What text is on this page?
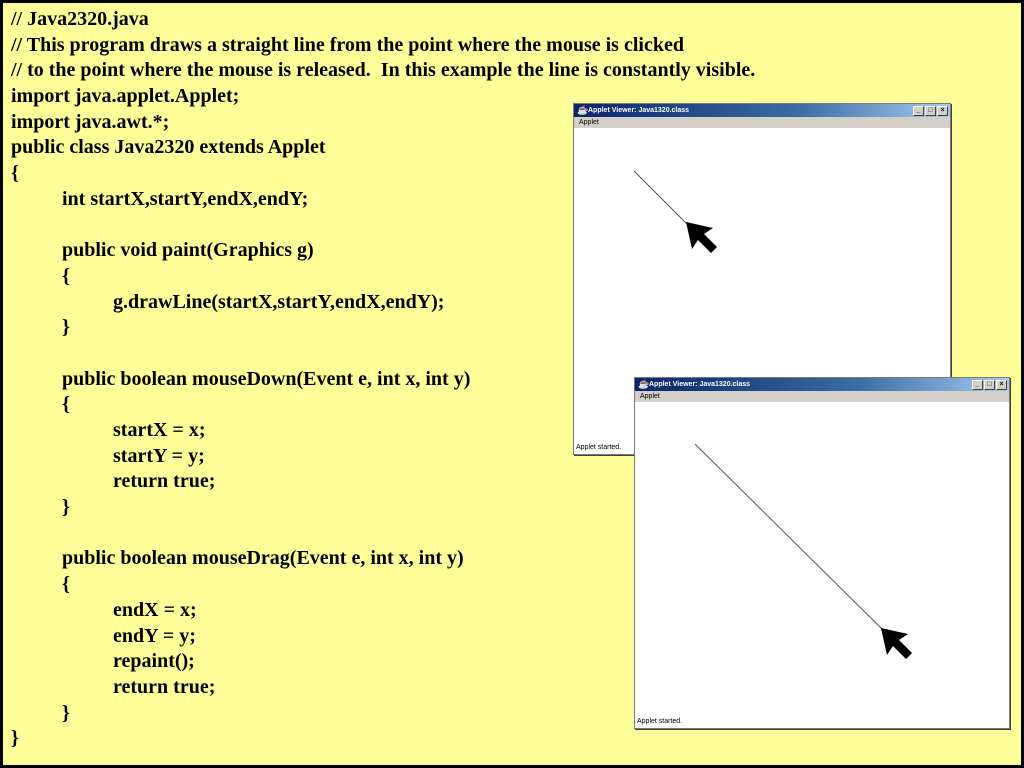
// Java2320.java
// This program draws a straight line from the point where the mouse is clicked
// to the point where the mouse is released.  In this example the line is constantly visible.
import java.applet.Applet;
import java.awt.*;
public class Java2320 extends Applet
{
int startX,startY,endX,endY;
public void paint(Graphics g)
{
g.drawLine(startX,startY,endX,endY);
}
public boolean mouseDown(Event e, int x, int y)
{
startX = x;
startY = y;
return true;
}
public boolean mouseDrag(Event e, int x, int y)
{
endX = x;
endY = y;
repaint();
return true;
}
}
☕ Applet Viewer: Java1320.class	_	□	×
Applet
Applet started.
☕ Applet Viewer: Java1320.class	_	□	×
Applet
Applet started.
